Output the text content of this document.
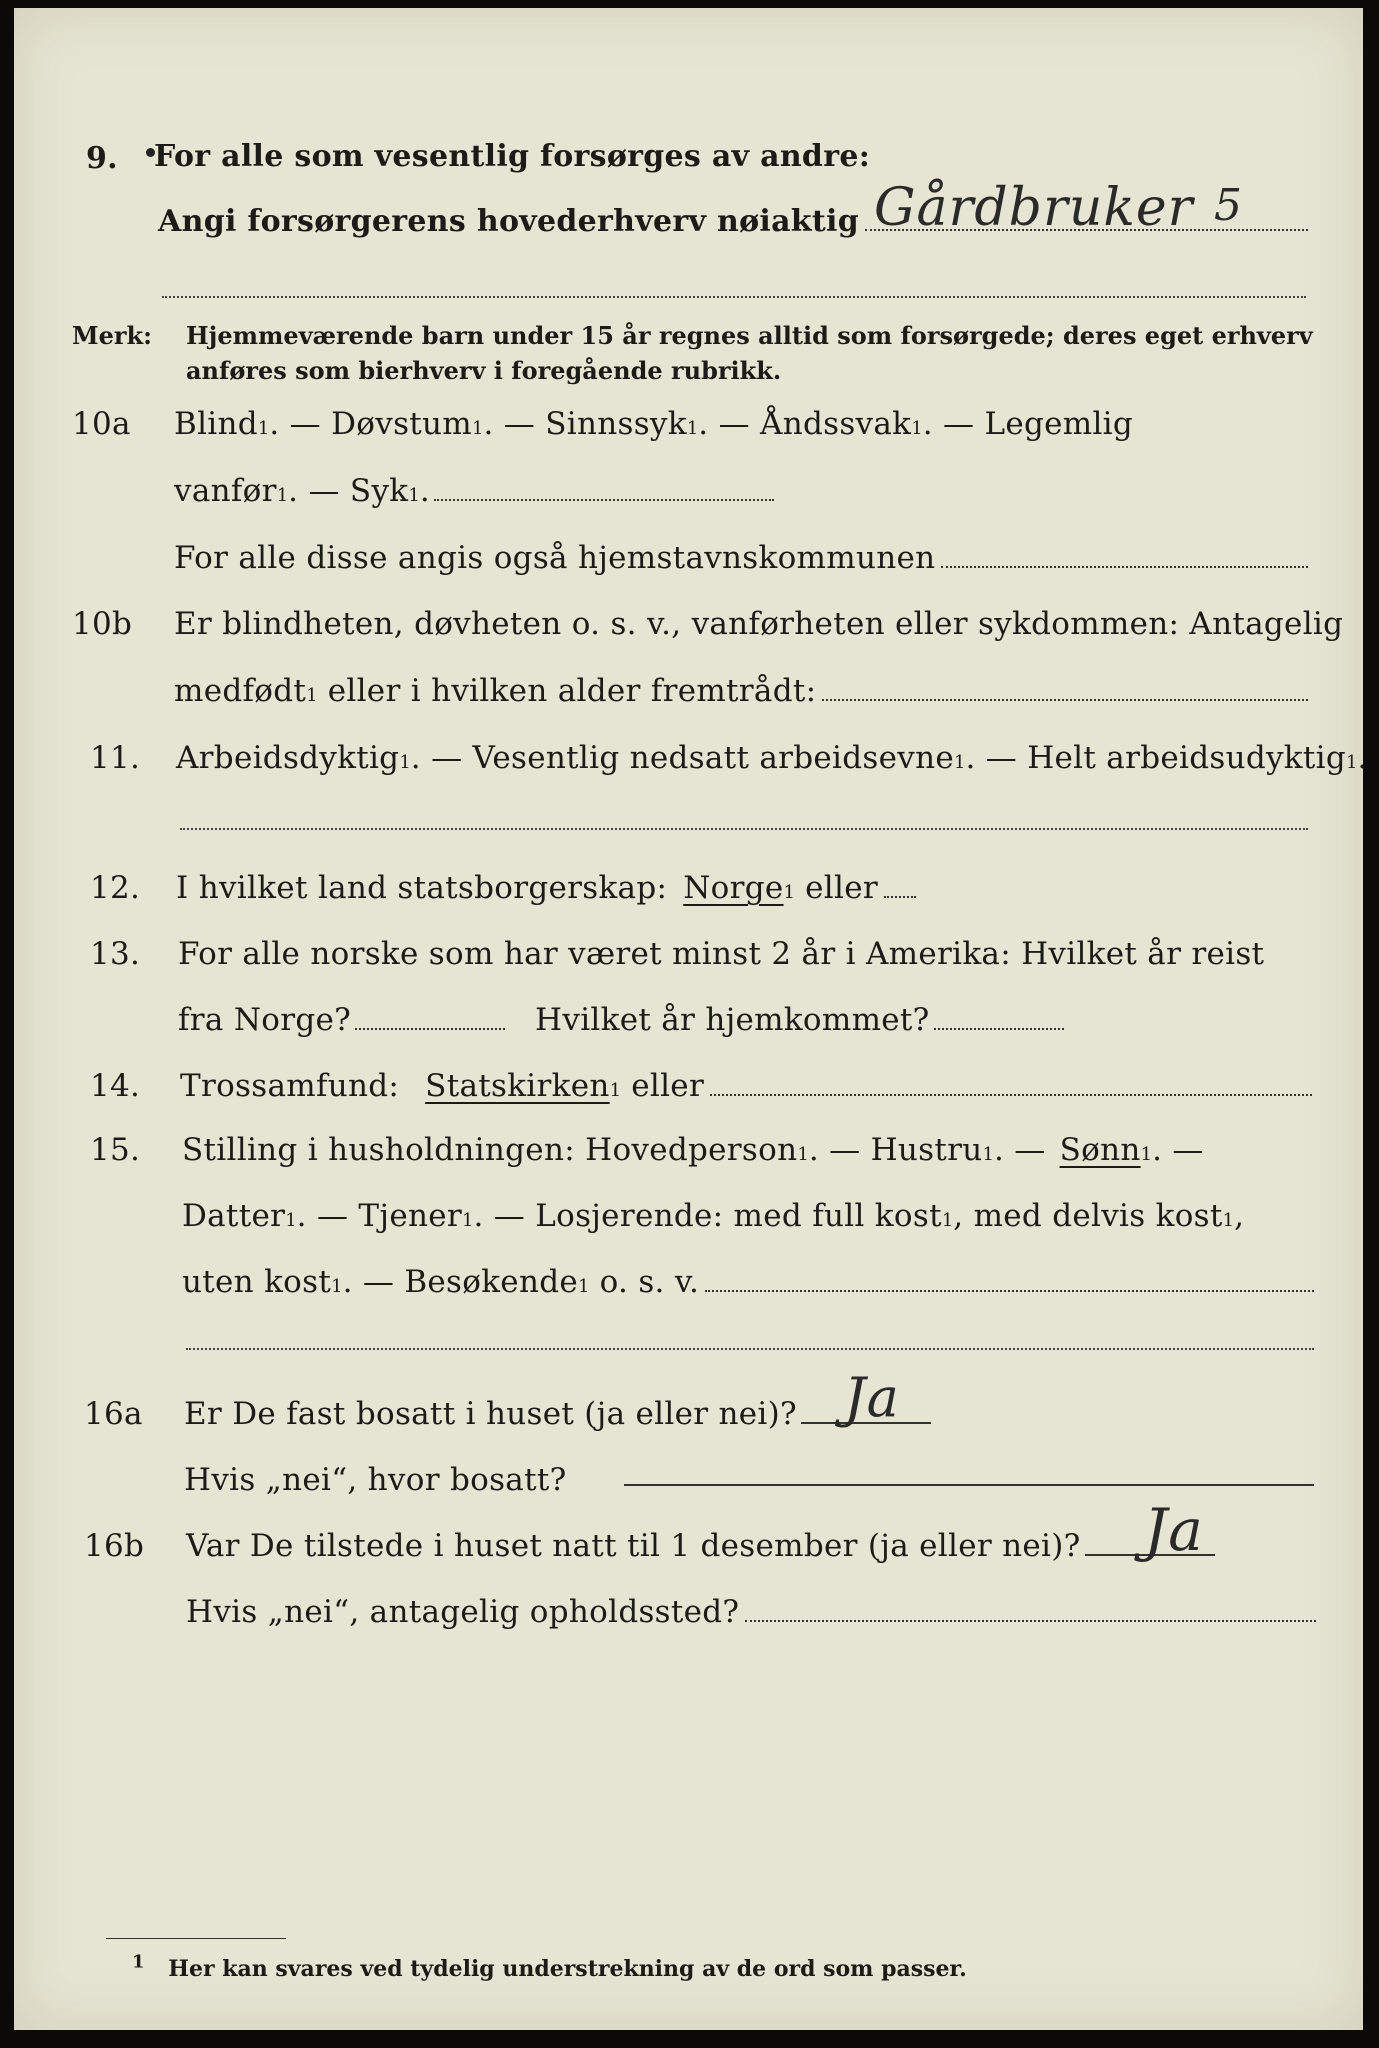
9. For alle som vesentlig forsørges av andre:
Angi forsørgerens hovederhverv nøiaktig Gårdbruker 5
Merk: Hjemmeværende barn under 15 år regnes alltid som forsørgede; deres eget erhverv
anføres som bierhverv i foregående rubrikk.
10a Blind 1 . — Døvstum 1 . — Sinnssyk 1 . — Åndssvak 1 . — Legemlig
vanfør 1 . — Syk 1 .
For alle disse angis også hjemstavnskommunen
10b Er blindheten, døvheten o. s. v., vanførheten eller sykdommen: Antagelig
medfødt 1 eller i hvilken alder fremtrådt:
11. Arbeidsdyktig 1 . — Vesentlig nedsatt arbeidsevne 1 . — Helt arbeidsudyktig 1 .
12. I hvilket land statsborgerskap: Norge 1 eller
13. For alle norske som har været minst 2 år i Amerika: Hvilket år reist
fra Norge?	Hvilket år hjemkommet?
14. Trossamfund: Statskirken 1 eller
15. Stilling i husholdningen: Hovedperson 1 . — Hustru 1 . — Sønn 1 . —
Datter 1 . — Tjener 1 . — Losjerende: med full kost 1 , med delvis kost 1 ,
uten kost 1 . — Besøkende 1 o. s. v.
16a Er De fast bosatt i huset (ja eller nei)? Ja
Hvis „nei“, hvor bosatt?
16b Var De tilstede i huset natt til 1 desember (ja eller nei)? Ja
Hvis „nei“, antagelig opholdssted?
$^1$ Her kan svares ved tydelig understrekning av de ord som passer.
